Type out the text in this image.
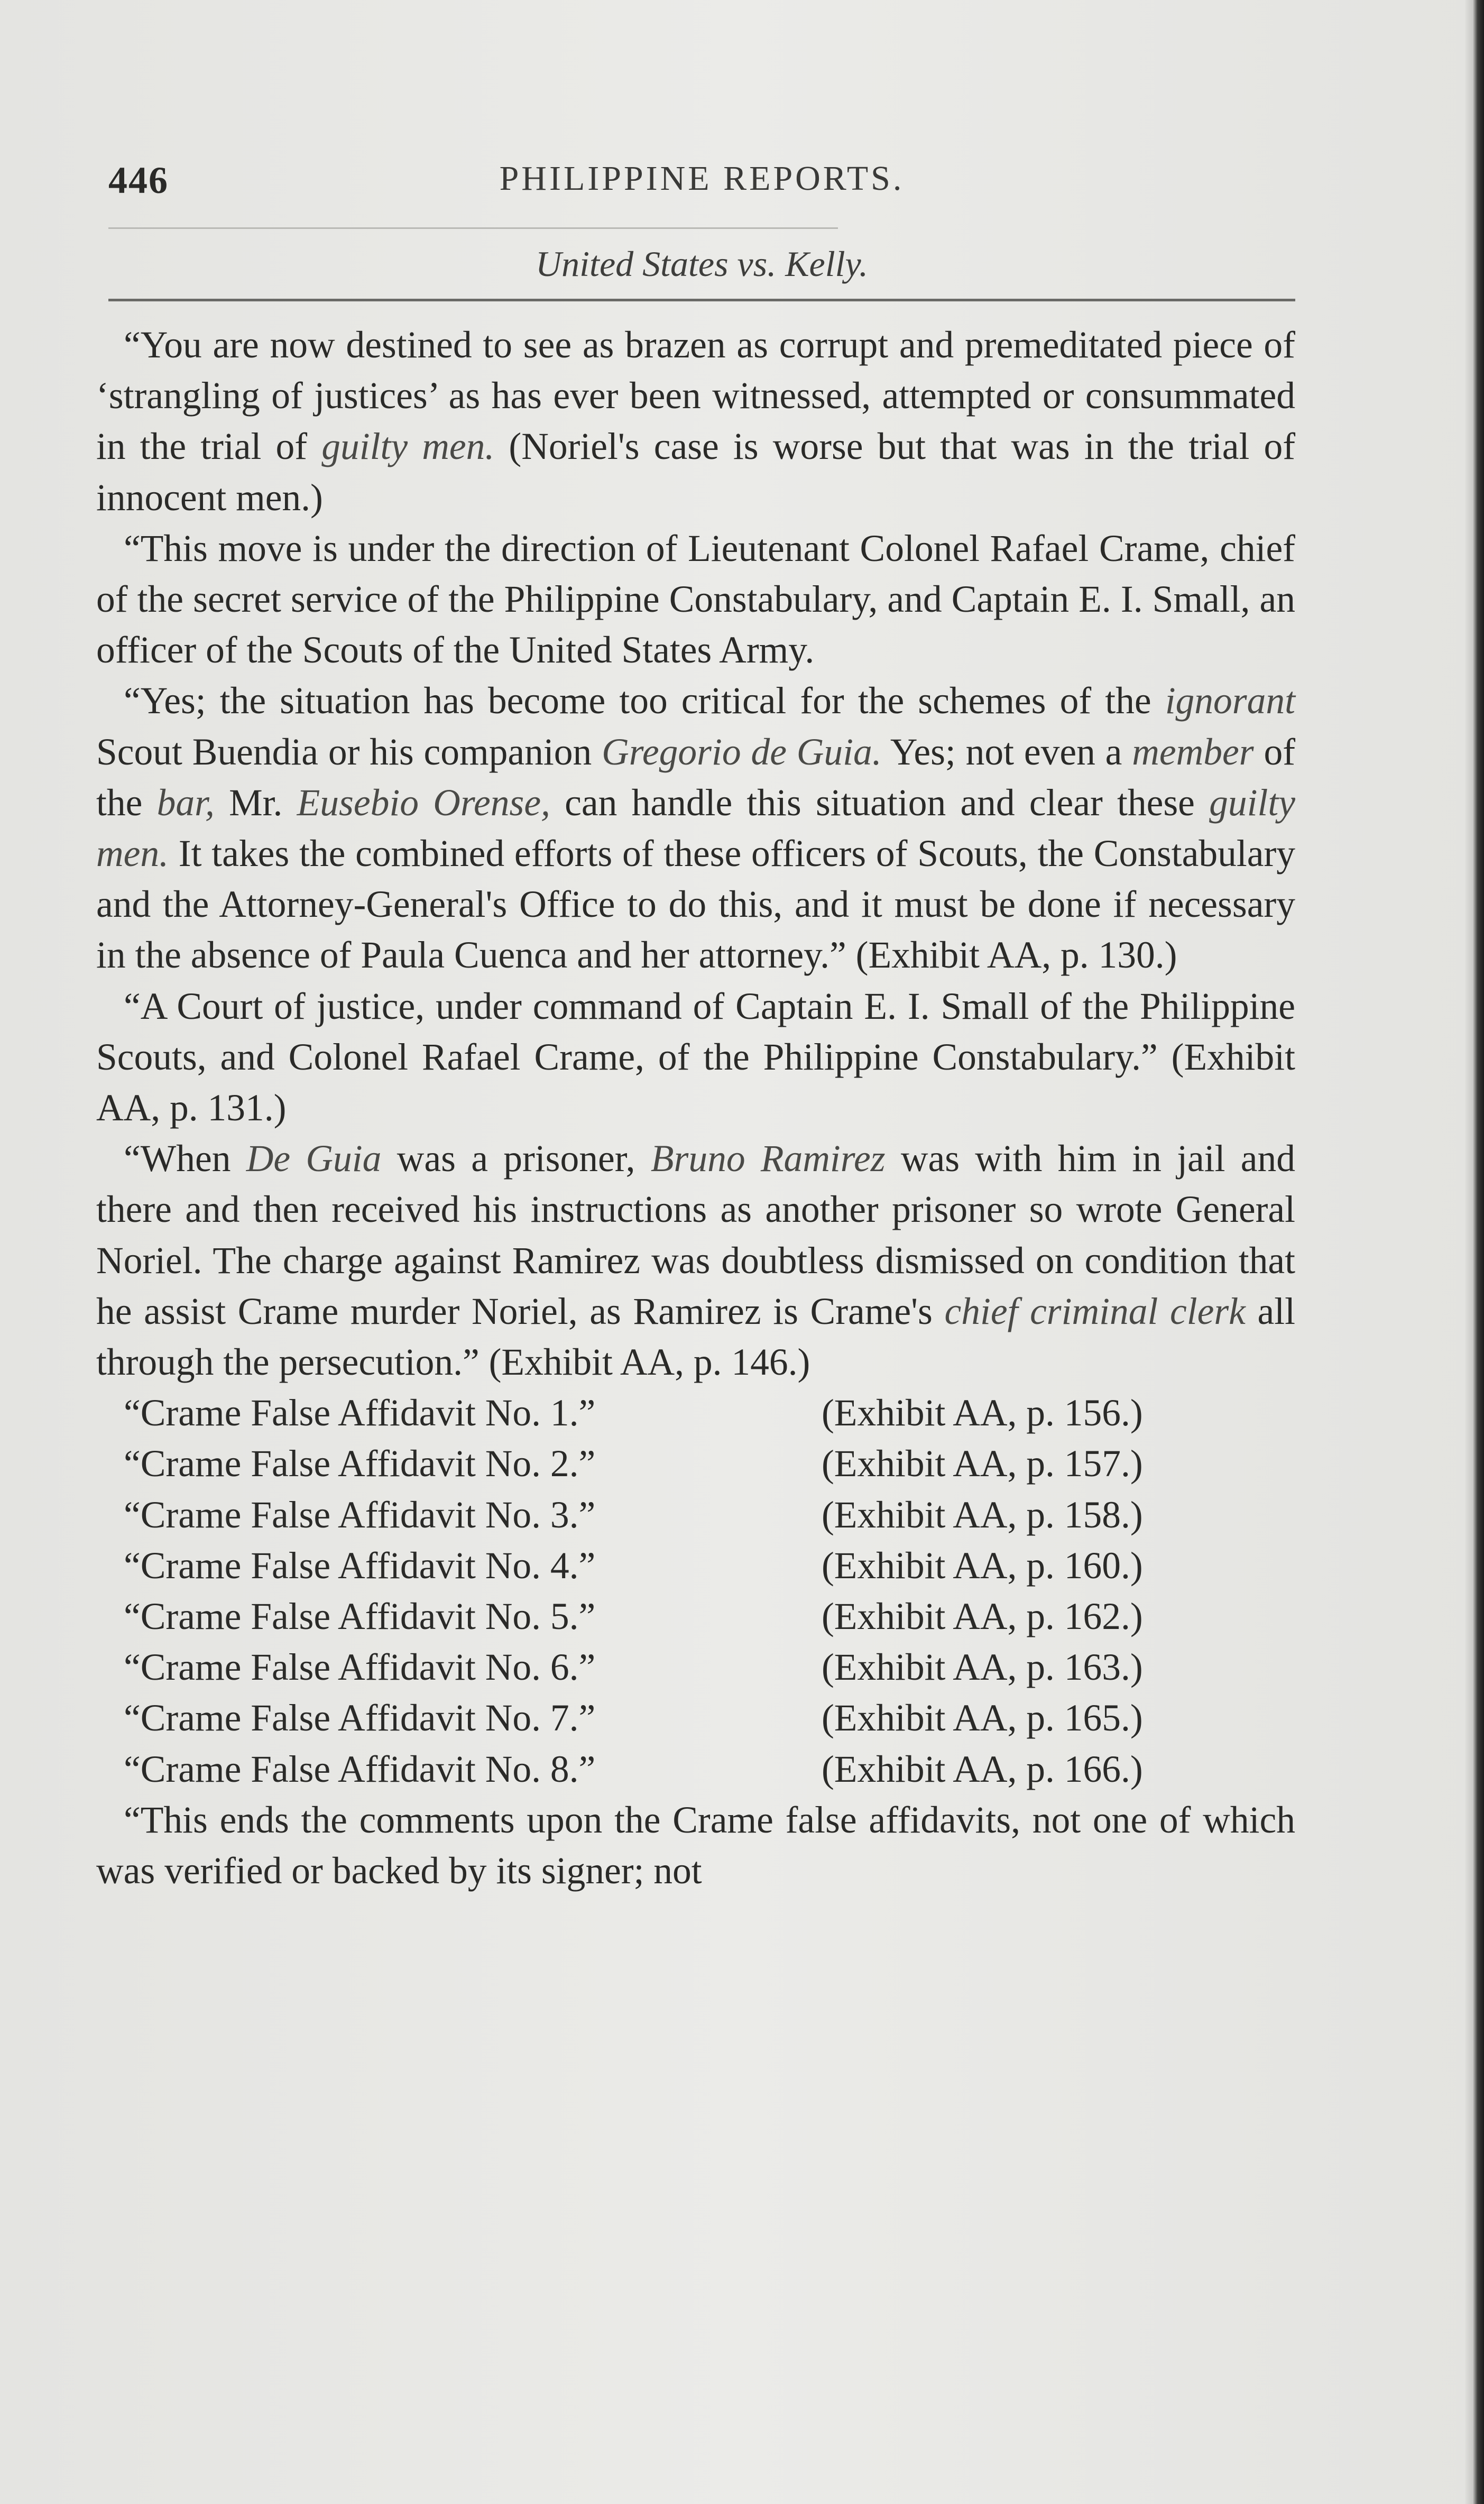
446	PHILIPPINE REPORTS.
United States vs. Kelly.

“You are now destined to see as brazen as corrupt and premeditated piece of ‘strangling of justices’ as has ever been witnessed, attempted or consummated in the trial of guilty men. (Noriel's case is worse but that was in the trial of innocent men.)

“This move is under the direction of Lieutenant Colonel Rafael Crame, chief of the secret service of the Philippine Constabulary, and Captain E. I. Small, an officer of the Scouts of the United States Army.

“Yes; the situation has become too critical for the schemes of the ignorant Scout Buendia or his companion Gregorio de Guia. Yes; not even a member of the bar, Mr. Eusebio Orense, can handle this situation and clear these guilty men. It takes the combined efforts of these officers of Scouts, the Constabulary and the Attorney-General's Office to do this, and it must be done if necessary in the absence of Paula Cuenca and her attorney.” (Exhibit AA, p. 130.)

“A Court of justice, under command of Captain E. I. Small of the Philippine Scouts, and Colonel Rafael Crame, of the Philippine Constabulary.” (Exhibit AA, p. 131.)

“When De Guia was a prisoner, Bruno Ramirez was with him in jail and there and then received his instructions as another prisoner so wrote General Noriel. The charge against Ramirez was doubtless dismissed on condition that he assist Crame murder Noriel, as Ramirez is Crame's chief criminal clerk all through the persecution.” (Exhibit AA, p. 146.)

“Crame False Affidavit No. 1.”	(Exhibit AA, p. 156.)
“Crame False Affidavit No. 2.”	(Exhibit AA, p. 157.)
“Crame False Affidavit No. 3.”	(Exhibit AA, p. 158.)
“Crame False Affidavit No. 4.”	(Exhibit AA, p. 160.)
“Crame False Affidavit No. 5.”	(Exhibit AA, p. 162.)
“Crame False Affidavit No. 6.”	(Exhibit AA, p. 163.)
“Crame False Affidavit No. 7.”	(Exhibit AA, p. 165.)
“Crame False Affidavit No. 8.”	(Exhibit AA, p. 166.)

“This ends the comments upon the Crame false affidavits, not one of which was verified or backed by its signer; not
